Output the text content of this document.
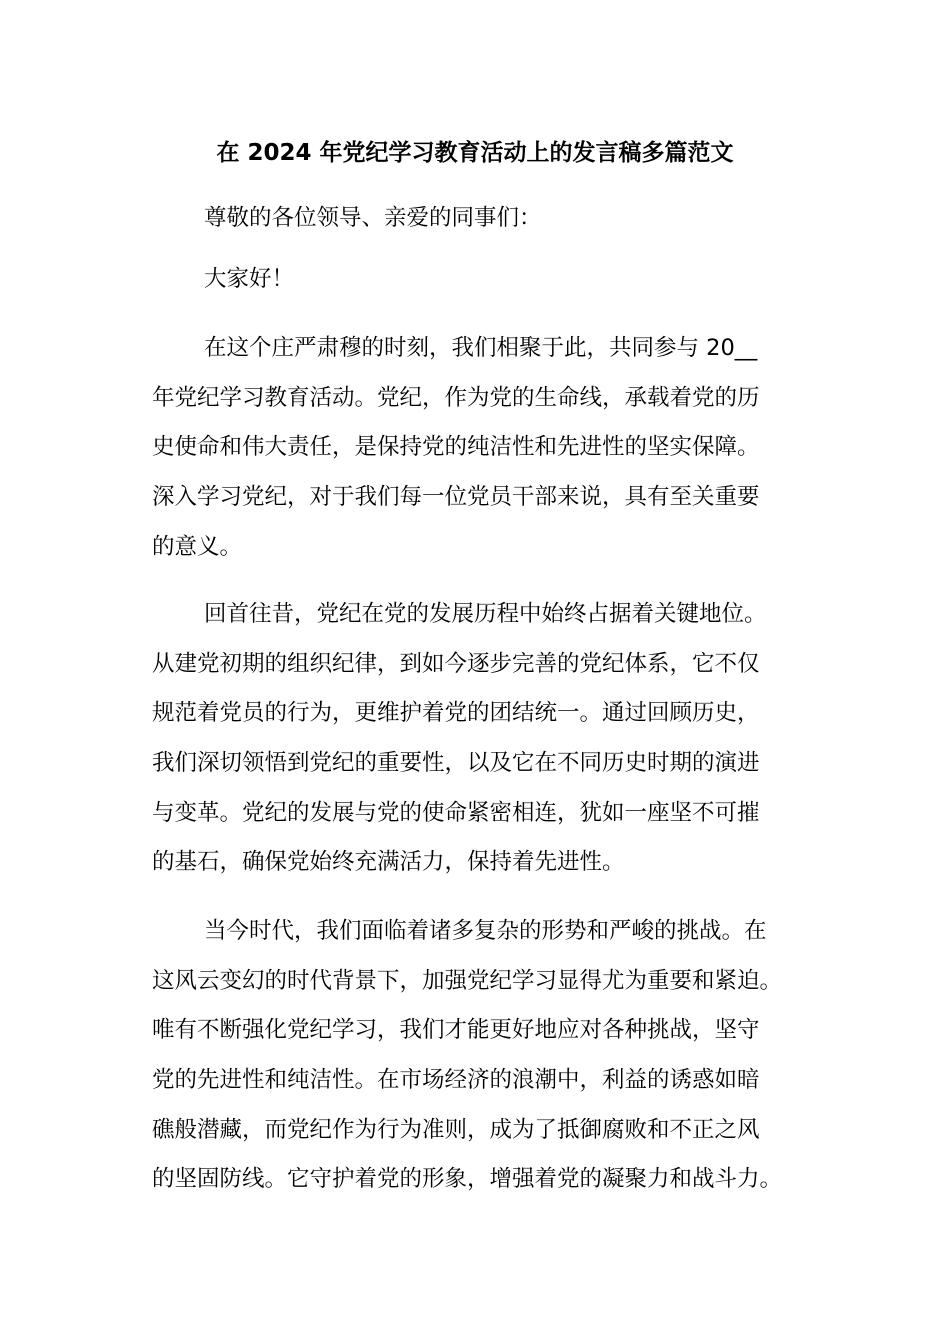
在 2024 年党纪学习教育活动上的发言稿多篇范文
尊敬的各位领导、亲爱的同事们：
大家好！
在这个庄严肃穆的时刻，我们相聚于此，共同参与 20__
年党纪学习教育活动。党纪，作为党的生命线，承载着党的历
史使命和伟大责任，是保持党的纯洁性和先进性的坚实保障。
深入学习党纪，对于我们每一位党员干部来说，具有至关重要
的意义。
回首往昔，党纪在党的发展历程中始终占据着关键地位。
从建党初期的组织纪律，到如今逐步完善的党纪体系，它不仅
规范着党员的行为，更维护着党的团结统一。通过回顾历史，
我们深切领悟到党纪的重要性，以及它在不同历史时期的演进
与变革。党纪的发展与党的使命紧密相连，犹如一座坚不可摧
的基石，确保党始终充满活力，保持着先进性。
当今时代，我们面临着诸多复杂的形势和严峻的挑战。在
这风云变幻的时代背景下，加强党纪学习显得尤为重要和紧迫。
唯有不断强化党纪学习，我们才能更好地应对各种挑战，坚守
党的先进性和纯洁性。在市场经济的浪潮中，利益的诱惑如暗
礁般潜藏，而党纪作为行为准则，成为了抵御腐败和不正之风
的坚固防线。它守护着党的形象，增强着党的凝聚力和战斗力。
